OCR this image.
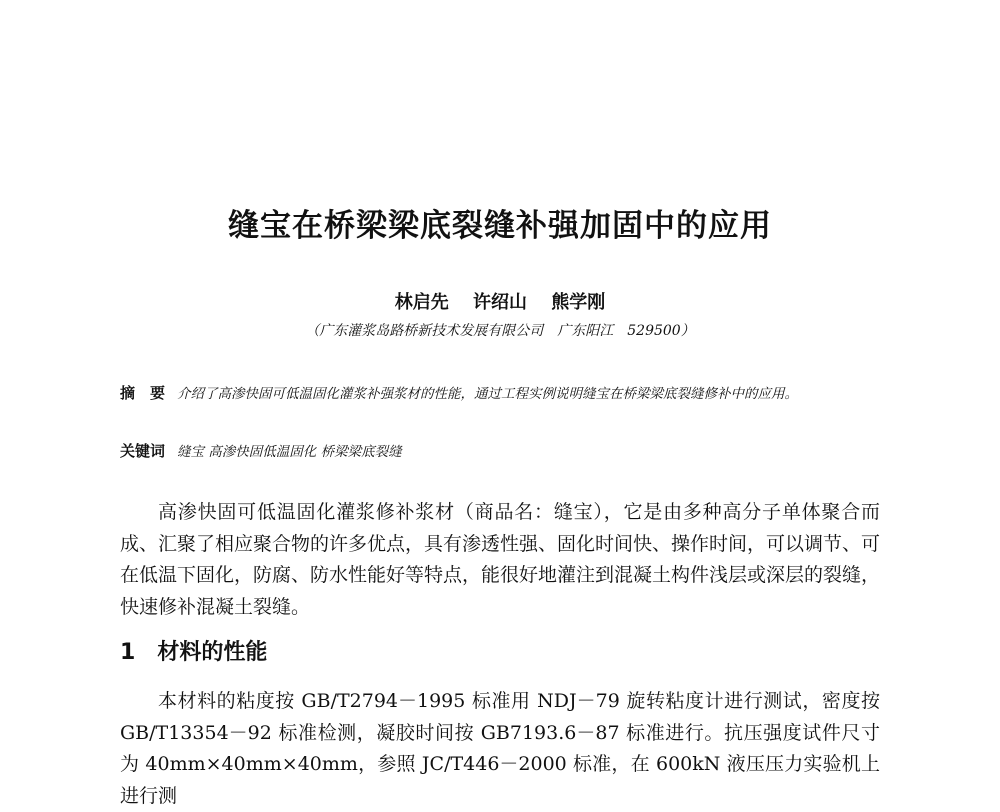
缝宝在桥梁梁底裂缝补强加固中的应用
林启先 许绍山 熊学刚
（广东灌浆岛路桥新技术发展有限公司　广东阳江　529500）
摘　要 介绍了高渗快固可低温固化灌浆补强浆材的性能，通过工程实例说明缝宝在桥梁梁底裂缝修补中的应用。
关键词 缝宝 高渗快固低温固化 桥梁梁底裂缝

高渗快固可低温固化灌浆修补浆材（商品名：缝宝），它是由多种高分子单体聚合而成、汇聚了相应聚合物的许多优点，具有渗透性强、固化时间快、操作时间，可以调节、可在低温下固化，防腐、防水性能好等特点，能很好地灌注到混凝土构件浅层或深层的裂缝，快速修补混凝土裂缝。

1 材料的性能

本材料的粘度按 GB/T2794－1995 标准用 NDJ－79 旋转粘度计进行测试，密度按 GB/T13354－92 标准检测，凝胶时间按 GB7193.6－87 标准进行。抗压强度试件尺寸为 40mm×40mm×40mm，参照 JC/T446－2000 标准，在 600kN 液压压力实验机上进行测
